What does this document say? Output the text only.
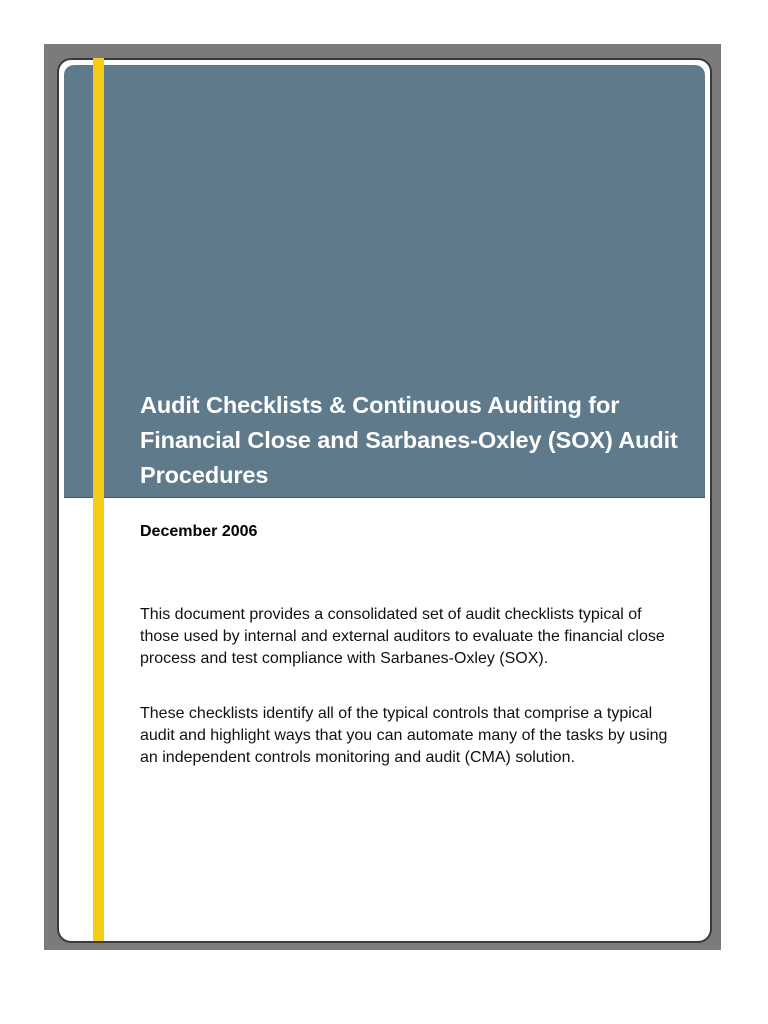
Audit Checklists & Continuous Auditing for Financial Close and Sarbanes-Oxley (SOX) Audit Procedures

December 2006

This document provides a consolidated set of audit checklists typical of those used by internal and external auditors to evaluate the financial close process and test compliance with Sarbanes-Oxley (SOX).

These checklists identify all of the typical controls that comprise a typical audit and highlight ways that you can automate many of the tasks by using an independent controls monitoring and audit (CMA) solution.
